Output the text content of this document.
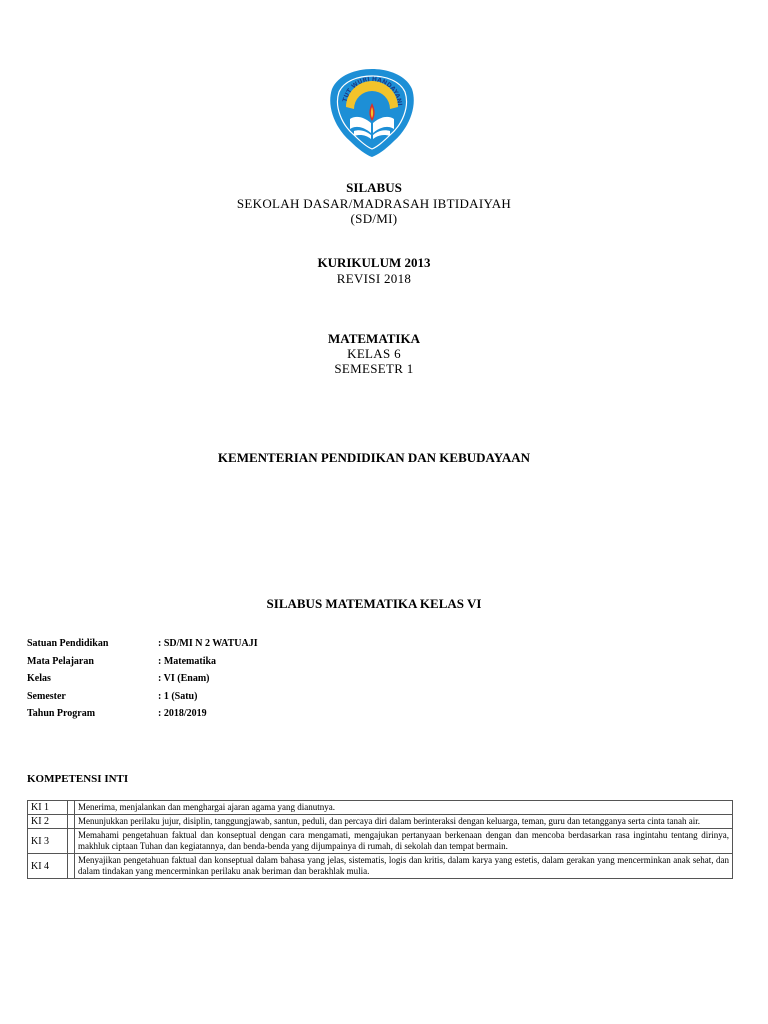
TUT WURI HANDAYANI
SILABUS
SEKOLAH DASAR/MADRASAH IBTIDAIYAH
(SD/MI)
KURIKULUM 2013
REVISI 2018
MATEMATIKA
KELAS 6
SEMESETR 1
KEMENTERIAN PENDIDIKAN DAN KEBUDAYAAN
SILABUS MATEMATIKA KELAS VI
Satuan Pendidikan	: SD/MI N 2 WATUAJI
Mata Pelajaran	: Matematika
Kelas	: VI (Enam)
Semester	: 1 (Satu)
Tahun Program	: 2018/2019
KOMPETENSI INTI
KI 1		Menerima, menjalankan dan menghargai ajaran agama yang dianutnya.
KI 2		Menunjukkan perilaku jujur, disiplin, tanggungjawab, santun, peduli, dan percaya diri dalam berinteraksi dengan keluarga, teman, guru dan tetangganya serta cinta tanah air.
KI 3		Memahami pengetahuan faktual dan konseptual dengan cara mengamati, mengajukan pertanyaan berkenaan dengan dan mencoba berdasarkan rasa ingintahu tentang dirinya, makhluk ciptaan Tuhan dan kegiatannya, dan benda-benda yang dijumpainya di rumah, di sekolah dan tempat bermain.
KI 4		Menyajikan pengetahuan faktual dan konseptual dalam bahasa yang jelas, sistematis, logis dan kritis, dalam karya yang estetis, dalam gerakan yang mencerminkan anak sehat, dan dalam tindakan yang mencerminkan perilaku anak beriman dan berakhlak mulia.
